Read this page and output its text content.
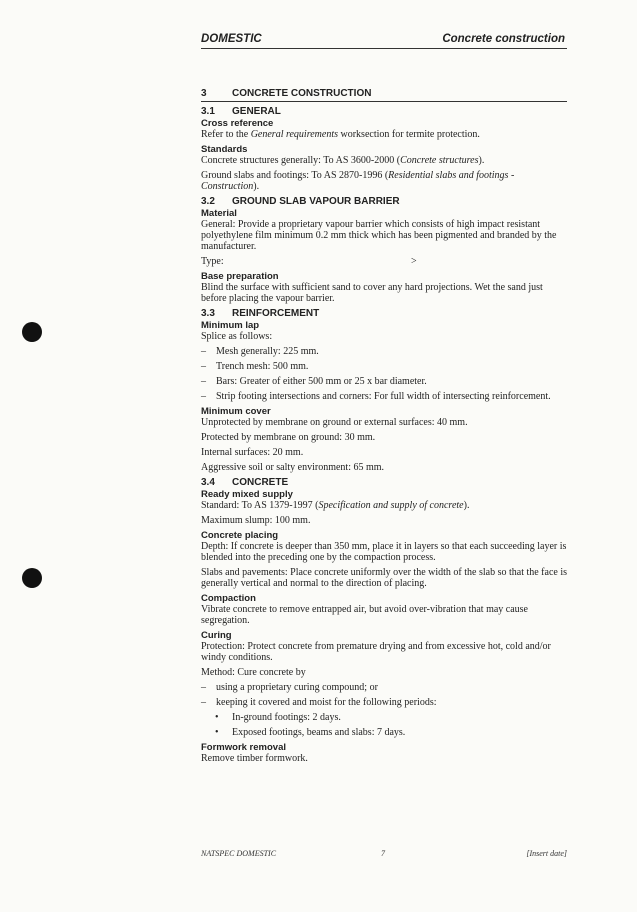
DOMESTIC	Concrete construction
3	CONCRETE CONSTRUCTION
3.1 GENERAL
Cross reference

Refer to the General requirements worksection for termite protection.

Standards

Concrete structures generally: To AS 3600-2000 (Concrete structures).

Ground slabs and footings: To AS 2870-1996 (Residential slabs and footings - Construction).

3.2 GROUND SLAB VAPOUR BARRIER
Material

General: Provide a proprietary vapour barrier which consists of high impact resistant polyethylene film minimum 0.2 mm thick which has been pigmented and branded by the manufacturer.

Type:	>
Base preparation

Blind the surface with sufficient sand to cover any hard projections. Wet the sand just before placing the vapour barrier.

3.3 REINFORCEMENT
Minimum lap

Splice as follows:

– Mesh generally: 225 mm.
– Trench mesh: 500 mm.
– Bars: Greater of either 500 mm or 25 x bar diameter.
– Strip footing intersections and corners: For full width of intersecting reinforcement.
Minimum cover

Unprotected by membrane on ground or external surfaces: 40 mm.

Protected by membrane on ground: 30 mm.

Internal surfaces: 20 mm.

Aggressive soil or salty environment: 65 mm.

3.4 CONCRETE
Ready mixed supply

Standard: To AS 1379-1997 (Specification and supply of concrete).

Maximum slump: 100 mm.

Concrete placing

Depth: If concrete is deeper than 350 mm, place it in layers so that each succeeding layer is blended into the preceding one by the compaction process.

Slabs and pavements: Place concrete uniformly over the width of the slab so that the face is generally vertical and normal to the direction of placing.

Compaction

Vibrate concrete to remove entrapped air, but avoid over-vibration that may cause segregation.

Curing

Protection: Protect concrete from premature drying and from excessive hot, cold and/or windy conditions.

Method: Cure concrete by

– using a proprietary curing compound; or
– keeping it covered and moist for the following periods:
• In-ground footings: 2 days.
• Exposed footings, beams and slabs: 7 days.
Formwork removal

Remove timber formwork.

NATSPEC DOMESTIC	7	[Insert date]
